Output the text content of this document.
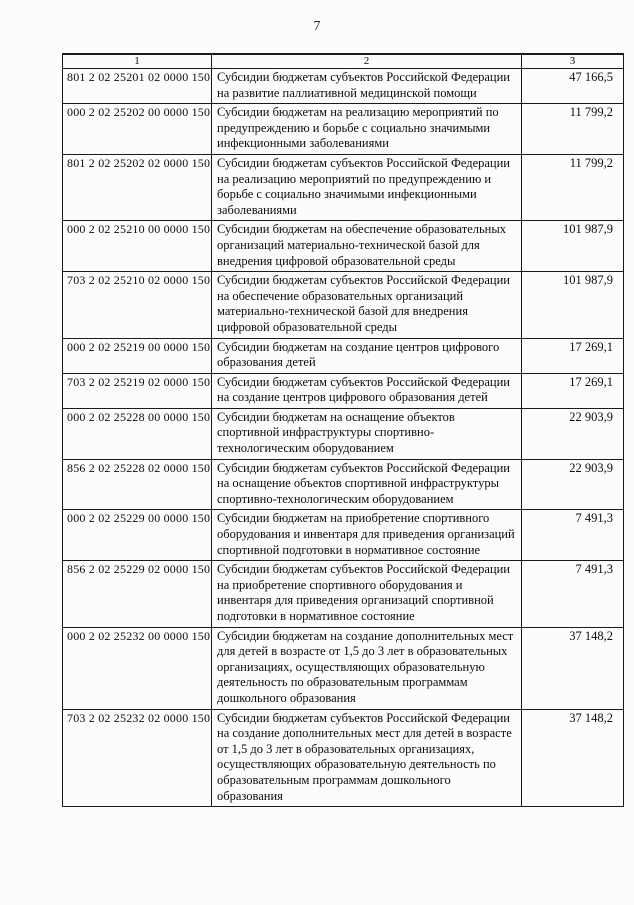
7
1	2	3
801 2 02 25201 02 0000 150	Субсидии бюджетам субъектов Российской Федерации на развитие паллиативной медицинской помощи	47 166,5
000 2 02 25202 00 0000 150	Субсидии бюджетам на реализацию мероприятий по предупреждению и борьбе с социально значимыми инфекционными заболеваниями	11 799,2
801 2 02 25202 02 0000 150	Субсидии бюджетам субъектов Российской Федерации на реализацию мероприятий по предупреждению и борьбе с социально значимыми инфекционными заболеваниями	11 799,2
000 2 02 25210 00 0000 150	Субсидии бюджетам на обеспечение образовательных организаций материально-технической базой для внедрения цифровой образовательной среды	101 987,9
703 2 02 25210 02 0000 150	Субсидии бюджетам субъектов Российской Федерации на обеспечение образовательных организаций материально-технической базой для внедрения цифровой образовательной среды	101 987,9
000 2 02 25219 00 0000 150	Субсидии бюджетам на создание центров цифрового образования детей	17 269,1
703 2 02 25219 02 0000 150	Субсидии бюджетам субъектов Российской Федерации на создание центров цифрового образования детей	17 269,1
000 2 02 25228 00 0000 150	Субсидии бюджетам на оснащение объектов спортивной инфраструктуры спортивно-технологическим оборудованием	22 903,9
856 2 02 25228 02 0000 150	Субсидии бюджетам субъектов Российской Федерации на оснащение объектов спортивной инфраструктуры спортивно-технологическим оборудованием	22 903,9
000 2 02 25229 00 0000 150	Субсидии бюджетам на приобретение спортивного оборудования и инвентаря для приведения организаций спортивной подготовки в нормативное состояние	7 491,3
856 2 02 25229 02 0000 150	Субсидии бюджетам субъектов Российской Федерации на приобретение спортивного оборудования и инвентаря для приведения организаций спортивной подготовки в нормативное состояние	7 491,3
000 2 02 25232 00 0000 150	Субсидии бюджетам на создание дополнительных мест для детей в возрасте от 1,5 до 3 лет в образовательных организациях, осуществляющих образовательную деятельность по образовательным программам дошкольного образования	37 148,2
703 2 02 25232 02 0000 150	Субсидии бюджетам субъектов Российской Федерации на создание дополнительных мест для детей в возрасте от 1,5 до 3 лет в образовательных организациях, осуществляющих образовательную деятельность по образовательным программам дошкольного образования	37 148,2
